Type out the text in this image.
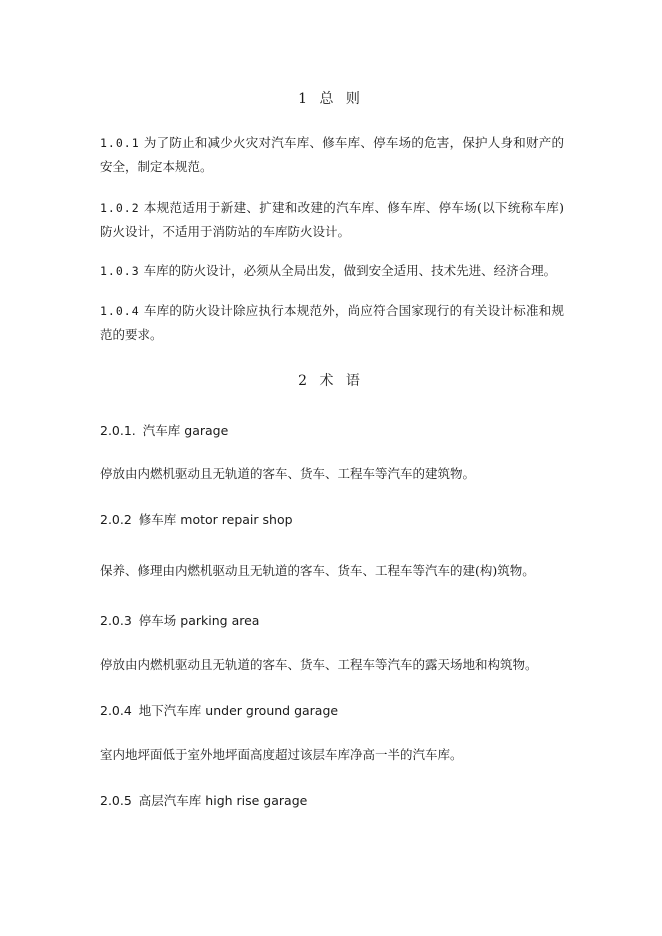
1 总 则
1.0.1 为了防止和减少火灾对汽车库、修车库、停车场的危害，保护人身和财产的安全，制定本规范。
1.0.2 本规范适用于新建、扩建和改建的汽车库、修车库、停车场(以下统称车库)防火设计，不适用于消防站的车库防火设计。
1.0.3 车库的防火设计，必须从全局出发，做到安全适用、技术先进、经济合理。
1.0.4 车库的防火设计除应执行本规范外，尚应符合国家现行的有关设计标准和规范的要求。
2 术 语
2.0.1. 汽车库 garage
停放由内燃机驱动且无轨道的客车、货车、工程车等汽车的建筑物。
2.0.2 修车库 motor repair shop
保养、修理由内燃机驱动且无轨道的客车、货车、工程车等汽车的建(构)筑物。
2.0.3 停车场 parking area
停放由内燃机驱动且无轨道的客车、货车、工程车等汽车的露天场地和构筑物。
2.0.4 地下汽车库 under ground garage
室内地坪面低于室外地坪面高度超过该层车库净高一半的汽车库。
2.0.5 高层汽车库 high rise garage
